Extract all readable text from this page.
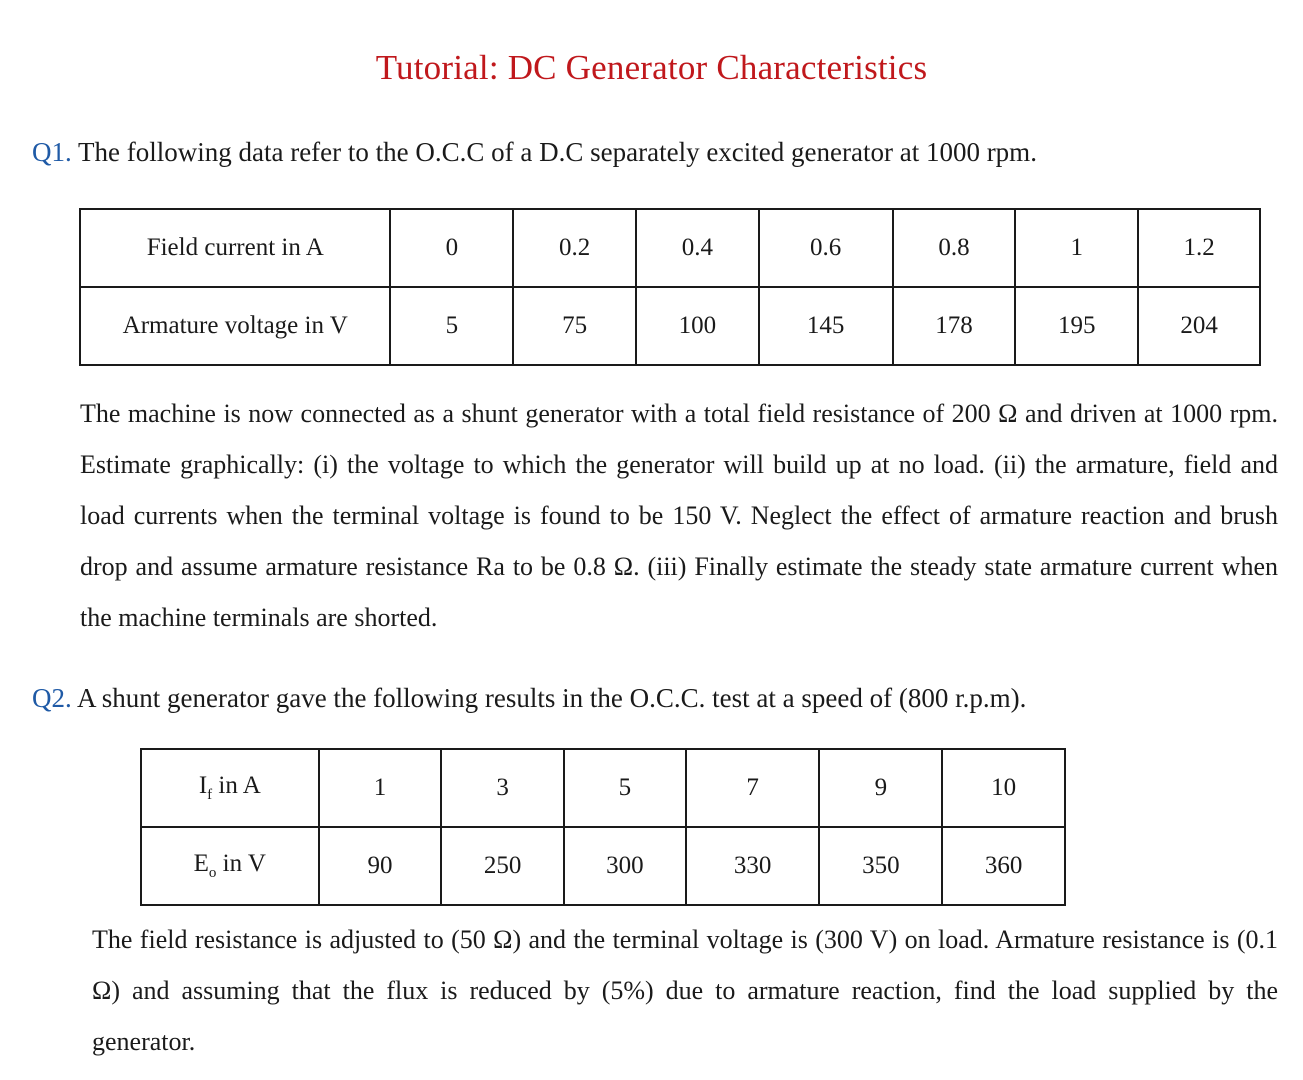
Tutorial: DC Generator Characteristics
Q1. The following data refer to the O.C.C of a D.C separately excited generator at 1000 rpm.
Field current in A	0	0.2	0.4	0.6	0.8	1	1.2
Armature voltage in V	5	75	100	145	178	195	204
The machine is now connected as a shunt generator with a total field resistance of 200 Ω and driven at 1000 rpm. Estimate graphically: (i) the voltage to which the generator will build up at no load. (ii) the armature, field and load currents when the terminal voltage is found to be 150 V. Neglect the effect of armature reaction and brush drop and assume armature resistance Ra to be 0.8 Ω. (iii) Finally estimate the steady state armature current when the machine terminals are shorted.
Q2. A shunt generator gave the following results in the O.C.C. test at a speed of (800 r.p.m).
$I_f$ in A	1	3	5	7	9	10
$E_o$ in V	90	250	300	330	350	360
The field resistance is adjusted to (50 Ω) and the terminal voltage is (300 V) on load. Armature resistance is (0.1 Ω) and assuming that the flux is reduced by (5%) due to armature reaction, find the load supplied by the generator.
